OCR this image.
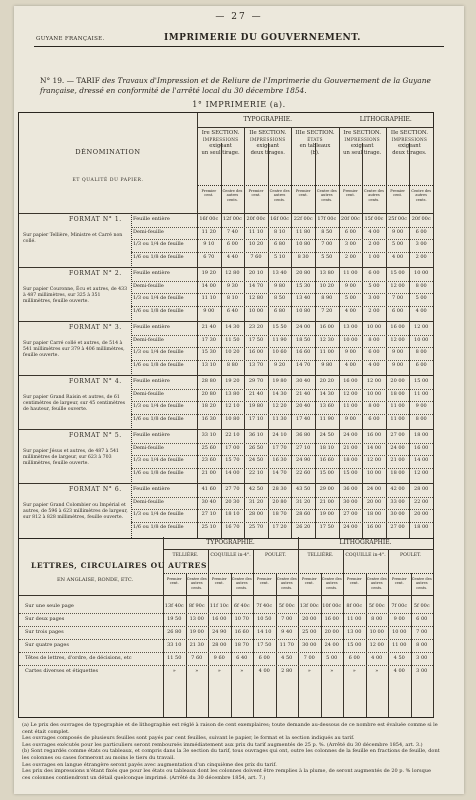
— 27 —
GUYANE FRANÇAISE.	IMPRIMERIE DU GOUVERNEMENT.
N° 19. — TARIF des Travaux d'Impression et de Reliure de l'Imprimerie du Gouvernement de la Guyane française, dressé en conformité de l'arrêté local du 30 décembre 1854.
1° IMPRIMERIE (a).
DÉNOMINATION
ET QUALITÉ DU PAPIER.
TYPOGRAPHIE.	LITHOGRAPHIE.
Ire SECTION.
IMPRESSIONS
exigeant
un seul tirage.
Premier cent.
Centre des autres cents.
IIe SECTION.
IMPRESSIONS
exigeant
deux tirages.
Premier cent.
Centre des autres cents.
IIIe SECTION.
ÉTATS
en tableaux
(b).
Premier cent.
Centre des autres cents.
Ire SECTION.
IMPRESSIONS
exigeant
un seul tirage.
Premier cent.
Centre des autres cents.
IIe SECTION.
IMPRESSIONS
exigeant
deux tirages.
Premier cent.
Centre des autres cents.
FORMAT N° 1.
Sur papier Tellière, Ministre et Carré non collé.
Feuille entière	16f 00c 12f 00c 20f 00c 16f 00c 22f 00c 17f 00c 20f 00c 15f 00c 25f 00c 20f 00c
Demi-feuille	11 20	7 40	11 10	8 10	11 80	8 50	6 00	4 00	9 00	6 00
1/3 ou 1/4 de feuille	9 10	6 00	10 20	6 80	10 80	7 00	3 00	2 00	5 00	3 00
1/6 ou 1/8 de feuille	6 70	4 40	7 60	5 10	8 30	5 50	2 00	1 00	4 00	2 00
FORMAT N° 2.
Sur papier Couronne, Écu et autres, de 433 à 487 millimètres, sur 325 à 351 millimètres, feuille ouverte.
Feuille entière	19 20	12 80	20 10	13 40	20 80	13 80	11 00	6 00	15 00	10 00
Demi-feuille	14 00	9 30	14 70	9 80	15 30	10 20	9 00	5 00	12 00	8 00
1/3 ou 1/4 de feuille	11 10	8 10	12 80	8 50	13 40	8 90	5 00	3 00	7 00	5 00
1/6 ou 1/8 de feuille	9 00	6 40	10 00	6 80	10 80	7 20	4 00	2 00	6 00	4 00
FORMAT N° 3.
Sur papier Carré collé et autres, de 514 à 541 millimètres sur 379 à 406 millimètres, feuille ouverte.
Feuille entière	21 40	14 30	23 20	15 50	24 00	16 00	13 00	10 00	16 00	12 00
Demi-feuille	17 30	11 50	17 50	11 90	18 50	12 30	10 00	8 00	12 00	10 00
1/3 ou 1/4 de feuille	15 30	10 20	16 00	10 60	16 60	11 00	9 00	6 00	9 00	8 00
1/6 ou 1/8 de feuille	13 10	8 80	13 70	9 20	14 70	9 80	4 00	4 00	9 00	6 00
FORMAT N° 4.
Sur papier Grand Raisin et autres, de 61 centimètres de largeur, sur 45 centimètres de hauteur, feuille ouverte.
Feuille entière	28 80	19 20	29 70	19 80	30 40	20 20	16 00	12 00	20 00	15 00
Demi-feuille	20 80	13 80	21 40	14 30	21 40	14 30	12 00	10 00	18 00	11 00
1/3 ou 1/4 de feuille	18 20	12 10	19 80	12 20	20 40	13 60	11 00	8 00	11 00	9 00
1/6 ou 1/8 de feuille	16 30	10 80	17 10	11 30	17 40	11 90	9 00	6 00	11 00	8 00
FORMAT N° 5.
Sur papier Jésus et autres, de 487 à 541 millimètres de largeur, sur 623 à 703 millimètres, feuille ouverte.
Feuille entière	33 10	22 10	36 10	24 10	36 80	24 50	24 00	16 00	27 00	18 00
Demi-feuille	25 60	17 00	26 50	17 70	27 10	18 10	21 00	14 00	24 00	16 00
1/3 ou 1/4 de feuille	23 60	15 70	24 50	16 30	24 90	16 60	18 00	12 00	21 00	14 00
1/6 ou 1/8 de feuille	21 00	14 00	22 10	14 70	22 60	15 00	15 00	10 00	18 00	12 00
FORMAT N° 6.
Sur papier Grand Colombier ou Impérial et autres, de 596 à 623 millimètres de largeur, sur 812 à 828 millimètres, feuille ouverte.
Feuille entière	41 60	27 70	42 50	28 30	43 50	29 00	36 00	24 00	42 00	28 00
Demi-feuille	30 40	20 30	31 20	20 80	31 20	21 00	30 00	20 00	33 00	22 00
1/3 ou 1/4 de feuille	27 10	18 10	28 00	18 70	28 60	19 00	27 00	18 00	30 00	20 00
1/6 ou 1/8 de feuille	25 10	16 70	25 70	17 20	26 20	17 50	24 00	16 00	27 00	18 00
LETTRES, CIRCULAIRES OU AUTRES
EN ANGLAISE, RONDE, ETC.
TYPOGRAPHIE.	LITHOGRAPHIE.
TELLIÈRE.	COQUILLE in-4°.	POULET.	TELLIÈRE.	COQUILLE in-4°.	POULET.
Premier cent.
Centre des autres cents.
Premier cent.
Centre des autres cents.
Premier cent.
Centre des autres cents.
Premier cent.
Centre des autres cents.
Premier cent.
Centre des autres cents.
Premier cent.
Centre des autres cents.
Sur une seule page	13f 40c	8f 90c	11f 10c	6f 40c	7f 40c	5f 00c	13f 00c 10f 00c	8f 00c	5f 00c	7f 00c	5f 00c
Sur deux pages	19 50	13 00	16 00	10 70	10 50	7 00	20 00	16 00	11 00	8 00	9 00	6 00
Sur trois pages	26 80	19 00	24 90	16 60	14 10	9 40	25 00	20 00	13 00	10 00	10 00	7 00
Sur quatre pages	33 10	21 30	28 00	18 70	17 50	11 70	30 00	24 00	15 00	12 00	11 00	8 00
Têtes de lettres, d'ordre, de décisions, etc	11 50	7 60	9 60	6 40	6 00	4 50	7 00	5 00	6 00	4 00	4 50	3 00
Cartes diverses et étiquettes	»	»	»	»	4 00	2 80	»	»	»	»	4 00	3 00

(a) Le prix des ouvrages de typographie et de lithographie est réglé à raison de cent exemplaires; toute demande au-dessous de ce nombre est évaluée comme si le cent était complet.

Les ouvrages composés de plusieurs feuilles sont payés par cent feuilles, suivant le papier, le format et la section indiqués au tarif.

Les ouvrages exécutés pour les particuliers seront remboursés immédiatement aux prix du tarif augmentés de 25 p. %. (Arrêté du 30 décembre 1854, art. 3.)

(b) Sont regardés comme états ou tableaux, et compris dans la 3e section du tarif, tous ouvrages qui ont, outre les colonnes de la feuille en fractions de feuille, dont les colonnes ou cases formeront au moins le tiers du travail.

Les ouvrages en langue étrangère seront payés avec augmentation d'un cinquième des prix du tarif.

Les prix des impressions n'étant fixés que pour les états ou tableaux dont les colonnes doivent être remplies à la plume, de seront augmentés de 20 p. % lorsque ces colonnes contiendront un détail quelconque imprimé. (Arrêté du 30 décembre 1854, art. 7.)
